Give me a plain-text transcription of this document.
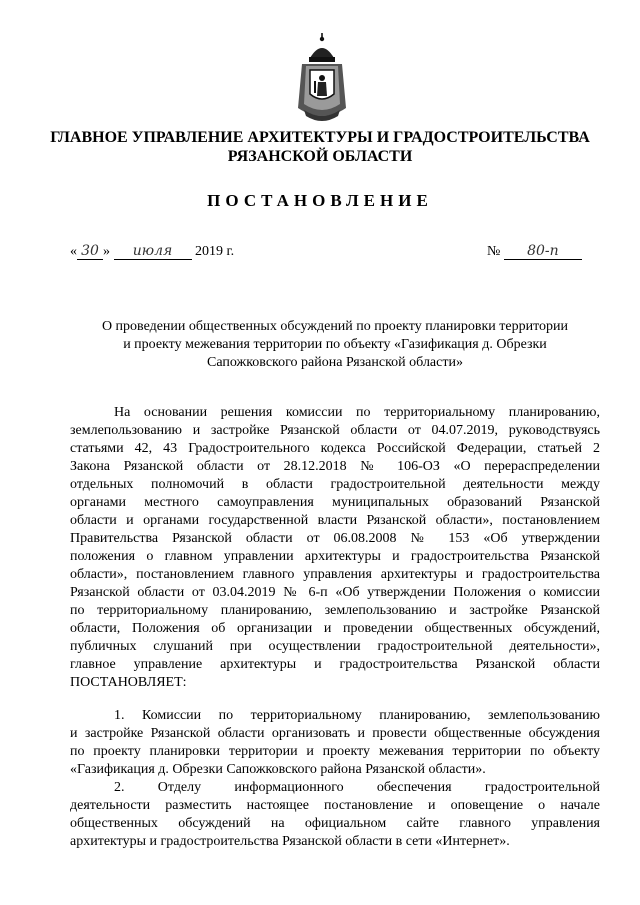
ГЛАВНОЕ УПРАВЛЕНИЕ АРХИТЕКТУРЫ И ГРАДОСТРОИТЕЛЬСТВА
РЯЗАНСКОЙ ОБЛАСТИ
ПОСТАНОВЛЕНИЕ
« 30 » июля 2019 г.	№ 80-п
О проведении общественных обсуждений по проекту планировки территории
и проекту межевания территории по объекту «Газификация д. Обрезки
Сапожковского района Рязанской области»
На основании решения комиссии по территориальному планированию,
землепользованию и застройке Рязанской области от 04.07.2019, руководствуясь
статьями 42, 43 Градостроительного кодекса Российской Федерации, статьей 2
Закона Рязанской области от 28.12.2018 № 106-ОЗ «О перераспределении
отдельных полномочий в области градостроительной деятельности между
органами местного самоуправления муниципальных образований Рязанской
области и органами государственной власти Рязанской области», постановлением
Правительства Рязанской области от 06.08.2008 № 153 «Об утверждении
положения о главном управлении архитектуры и градостроительства Рязанской
области», постановлением главного управления архитектуры и градостроительства
Рязанской области от 03.04.2019 № 6-п «Об утверждении Положения о комиссии
по территориальному планированию, землепользованию и застройке Рязанской
области, Положения об организации и проведении общественных обсуждений,
публичных слушаний при осуществлении градостроительной деятельности»,
главное управление архитектуры и градостроительства Рязанской области
ПОСТАНОВЛЯЕТ:
1. Комиссии по территориальному планированию, землепользованию
и застройке Рязанской области организовать и провести общественные обсуждения
по проекту планировки территории и проекту межевания территории по объекту
«Газификация д. Обрезки Сапожковского района Рязанской области».
2. Отделу информационного обеспечения градостроительной
деятельности разместить настоящее постановление и оповещение о начале
общественных обсуждений на официальном сайте главного управления
архитектуры и градостроительства Рязанской области в сети «Интернет».
